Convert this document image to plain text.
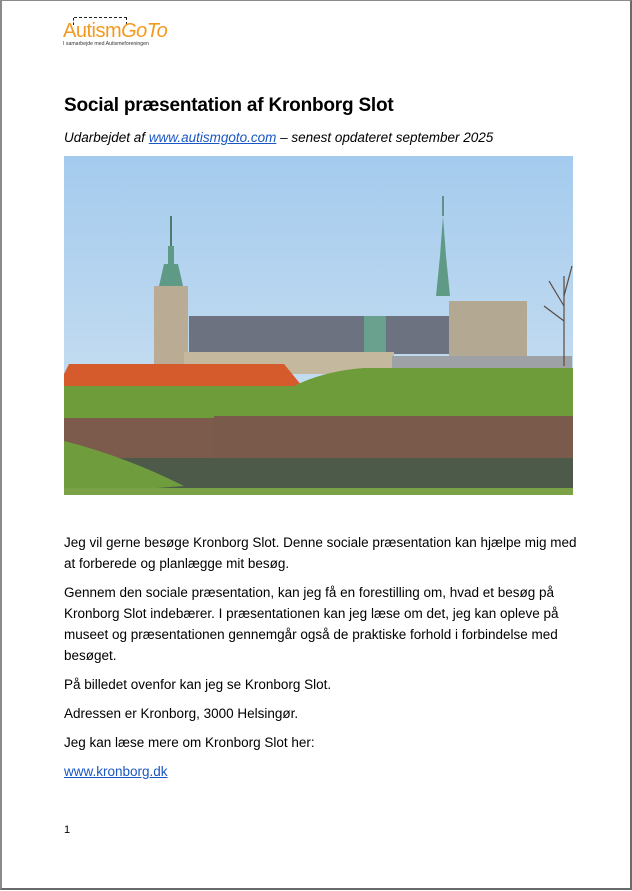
AutismGoTo
I samarbejde med Autismeforeningen
Social præsentation af Kronborg Slot
Udarbejdet af www.autismgoto.com – senest opdateret september 2025

Jeg vil gerne besøge Kronborg Slot. Denne sociale præsentation kan hjælpe mig med at forberede og planlægge mit besøg.

Gennem den sociale præsentation, kan jeg få en forestilling om, hvad et besøg på Kronborg Slot indebærer. I præsentationen kan jeg læse om det, jeg kan opleve på museet og præsentationen gennemgår også de praktiske forhold i forbindelse med besøget.

På billedet ovenfor kan jeg se Kronborg Slot.

Adressen er Kronborg, 3000 Helsingør.

Jeg kan læse mere om Kronborg Slot her:

www.kronborg.dk

1
